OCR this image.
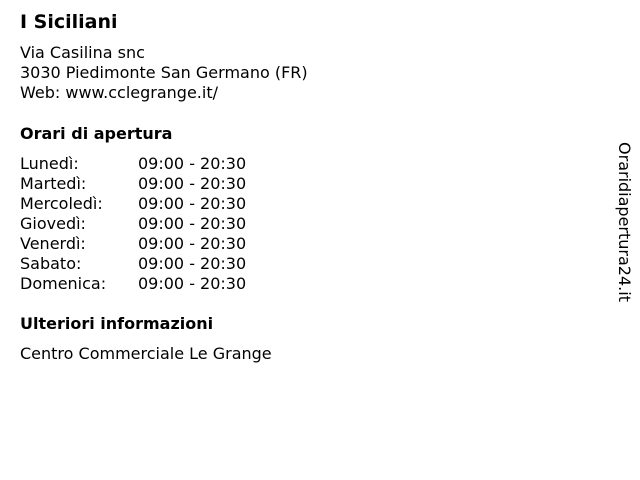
I Siciliani
Via Casilina snc
3030 Piedimonte San Germano (FR)
Web: www.cclegrange.it/
Orari di apertura
Lunedì:	09:00 - 20:30
Martedì:	09:00 - 20:30
Mercoledì: 09:00 - 20:30
Giovedì:	09:00 - 20:30
Venerdì:	09:00 - 20:30
Sabato:	09:00 - 20:30
Domenica: 09:00 - 20:30
Ulteriori informazioni
Centro Commerciale Le Grange
Oraridiapertura24.it
